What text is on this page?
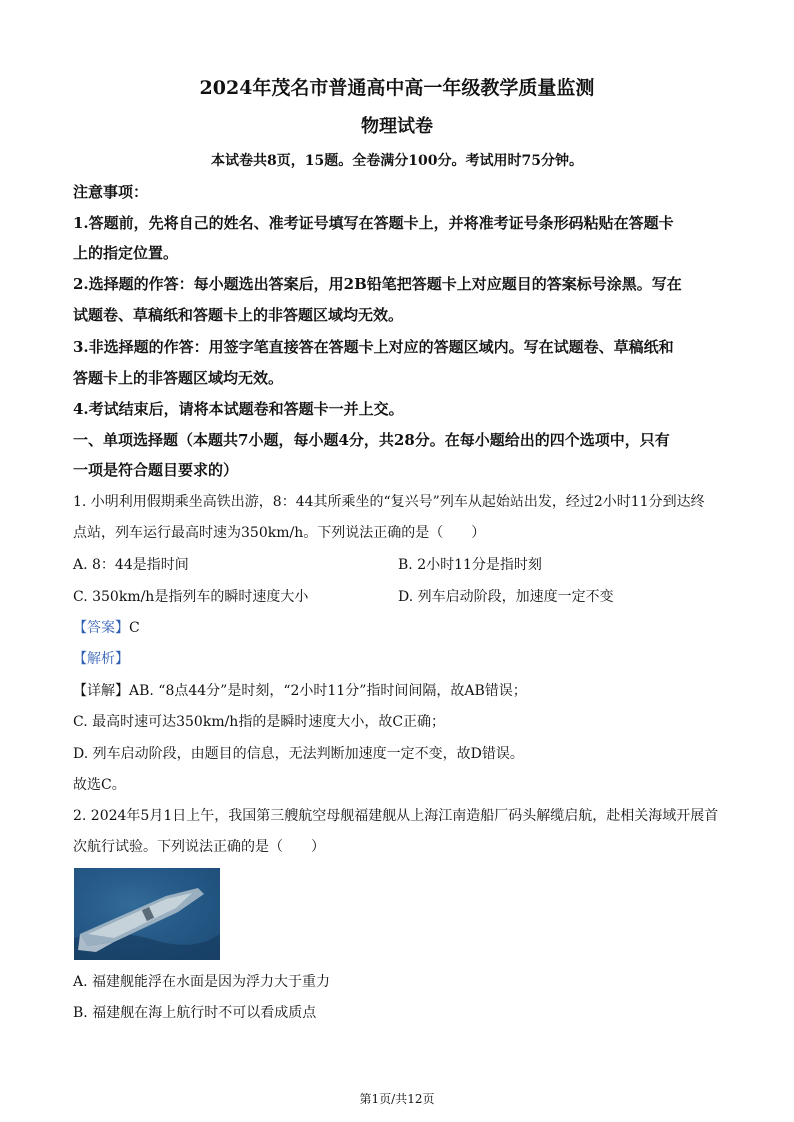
2024年茂名市普通高中高一年级教学质量监测
物理试卷
本试卷共8页，15题。全卷满分100分。考试用时75分钟。
注意事项：
1.答题前，先将自己的姓名、准考证号填写在答题卡上，并将准考证号条形码粘贴在答题卡
上的指定位置。
2.选择题的作答：每小题选出答案后，用2B铅笔把答题卡上对应题目的答案标号涂黑。写在
试题卷、草稿纸和答题卡上的非答题区域均无效。
3.非选择题的作答：用签字笔直接答在答题卡上对应的答题区域内。写在试题卷、草稿纸和
答题卡上的非答题区域均无效。
4.考试结束后，请将本试题卷和答题卡一并上交。
一、单项选择题（本题共7小题，每小题4分，共28分。在每小题给出的四个选项中，只有
一项是符合题目要求的）
1. 小明利用假期乘坐高铁出游，8：44其所乘坐的“复兴号”列车从起始站出发，经过2小时11分到达终
点站，列车运行最高时速为350km/h。下列说法正确的是（　　）
A. 8：44是指时间	B. 2小时11分是指时刻
C. 350km/h是指列车的瞬时速度大小	D. 列车启动阶段，加速度一定不变
【答案】C
【解析】
【详解】AB. “8点44分”是时刻，“2小时11分”指时间间隔，故AB错误；
C. 最高时速可达350km/h指的是瞬时速度大小，故C正确；
D. 列车启动阶段，由题目的信息，无法判断加速度一定不变，故D错误。
故选C。
2. 2024年5月1日上午，我国第三艘航空母舰福建舰从上海江南造船厂码头解缆启航，赴相关海域开展首
次航行试验。下列说法正确的是（　　）
A. 福建舰能浮在水面是因为浮力大于重力
B. 福建舰在海上航行时不可以看成质点
第1页/共12页
